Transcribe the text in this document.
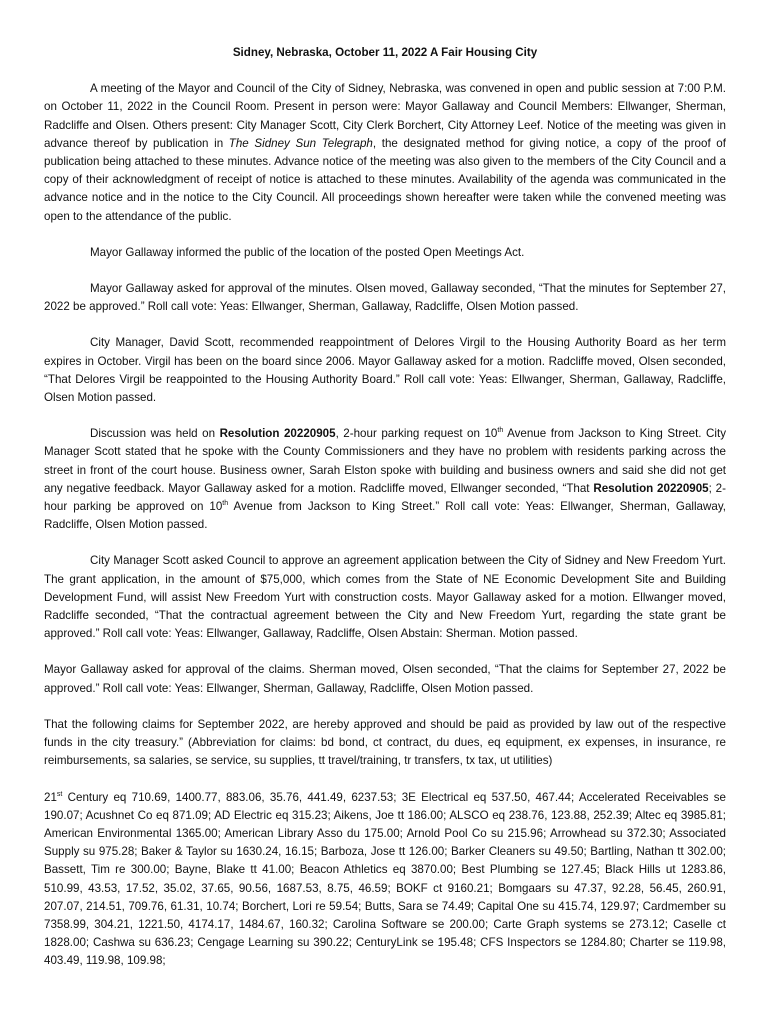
Sidney, Nebraska, October 11, 2022 A Fair Housing City

A meeting of the Mayor and Council of the City of Sidney, Nebraska, was convened in open and public session at 7:00 P.M. on October 11, 2022 in the Council Room. Present in person were: Mayor Gallaway and Council Members: Ellwanger, Sherman, Radcliffe and Olsen. Others present: City Manager Scott, City Clerk Borchert, City Attorney Leef. Notice of the meeting was given in advance thereof by publication in The Sidney Sun Telegraph, the designated method for giving notice, a copy of the proof of publication being attached to these minutes. Advance notice of the meeting was also given to the members of the City Council and a copy of their acknowledgment of receipt of notice is attached to these minutes. Availability of the agenda was communicated in the advance notice and in the notice to the City Council. All proceedings shown hereafter were taken while the convened meeting was open to the attendance of the public.

Mayor Gallaway informed the public of the location of the posted Open Meetings Act.

Mayor Gallaway asked for approval of the minutes. Olsen moved, Gallaway seconded, “That the minutes for September 27, 2022 be approved.” Roll call vote: Yeas: Ellwanger, Sherman, Gallaway, Radcliffe, Olsen Motion passed.

City Manager, David Scott, recommended reappointment of Delores Virgil to the Housing Authority Board as her term expires in October. Virgil has been on the board since 2006. Mayor Gallaway asked for a motion. Radcliffe moved, Olsen seconded, “That Delores Virgil be reappointed to the Housing Authority Board.” Roll call vote: Yeas: Ellwanger, Sherman, Gallaway, Radcliffe, Olsen Motion passed.

Discussion was held on Resolution 20220905, 2-hour parking request on 10th Avenue from Jackson to King Street. City Manager Scott stated that he spoke with the County Commissioners and they have no problem with residents parking across the street in front of the court house. Business owner, Sarah Elston spoke with building and business owners and said she did not get any negative feedback. Mayor Gallaway asked for a motion. Radcliffe moved, Ellwanger seconded, “That Resolution 20220905; 2-hour parking be approved on 10th Avenue from Jackson to King Street.” Roll call vote: Yeas: Ellwanger, Sherman, Gallaway, Radcliffe, Olsen Motion passed.

City Manager Scott asked Council to approve an agreement application between the City of Sidney and New Freedom Yurt. The grant application, in the amount of $75,000, which comes from the State of NE Economic Development Site and Building Development Fund, will assist New Freedom Yurt with construction costs. Mayor Gallaway asked for a motion. Ellwanger moved, Radcliffe seconded, “That the contractual agreement between the City and New Freedom Yurt, regarding the state grant be approved.” Roll call vote: Yeas: Ellwanger, Gallaway, Radcliffe, Olsen Abstain: Sherman. Motion passed.

Mayor Gallaway asked for approval of the claims. Sherman moved, Olsen seconded, “That the claims for September 27, 2022 be approved.” Roll call vote: Yeas: Ellwanger, Sherman, Gallaway, Radcliffe, Olsen Motion passed.

That the following claims for September 2022, are hereby approved and should be paid as provided by law out of the respective funds in the city treasury.” (Abbreviation for claims: bd bond, ct contract, du dues, eq equipment, ex expenses, in insurance, re reimbursements, sa salaries, se service, su supplies, tt travel/training, tr transfers, tx tax, ut utilities)

21st Century eq 710.69, 1400.77, 883.06, 35.76, 441.49, 6237.53; 3E Electrical eq 537.50, 467.44; Accelerated Receivables se 190.07; Acushnet Co eq 871.09; AD Electric eq 315.23; Aikens, Joe tt 186.00; ALSCO eq 238.76, 123.88, 252.39; Altec eq 3985.81; American Environmental 1365.00; American Library Asso du 175.00; Arnold Pool Co su 215.96; Arrowhead su 372.30; Associated Supply su 975.28; Baker & Taylor su 1630.24, 16.15; Barboza, Jose tt 126.00; Barker Cleaners su 49.50; Bartling, Nathan tt 302.00; Bassett, Tim re 300.00; Bayne, Blake tt 41.00; Beacon Athletics eq 3870.00; Best Plumbing se 127.45; Black Hills ut 1283.86, 510.99, 43.53, 17.52, 35.02, 37.65, 90.56, 1687.53, 8.75, 46.59; BOKF ct 9160.21; Bomgaars su 47.37, 92.28, 56.45, 260.91, 207.07, 214.51, 709.76, 61.31, 10.74; Borchert, Lori re 59.54; Butts, Sara se 74.49; Capital One su 415.74, 129.97; Cardmember su 7358.99, 304.21, 1221.50, 4174.17, 1484.67, 160.32; Carolina Software se 200.00; Carte Graph systems se 273.12; Caselle ct 1828.00; Cashwa su 636.23; Cengage Learning su 390.22; CenturyLink se 195.48; CFS Inspectors se 1284.80; Charter se 119.98, 403.49, 119.98, 109.98;
